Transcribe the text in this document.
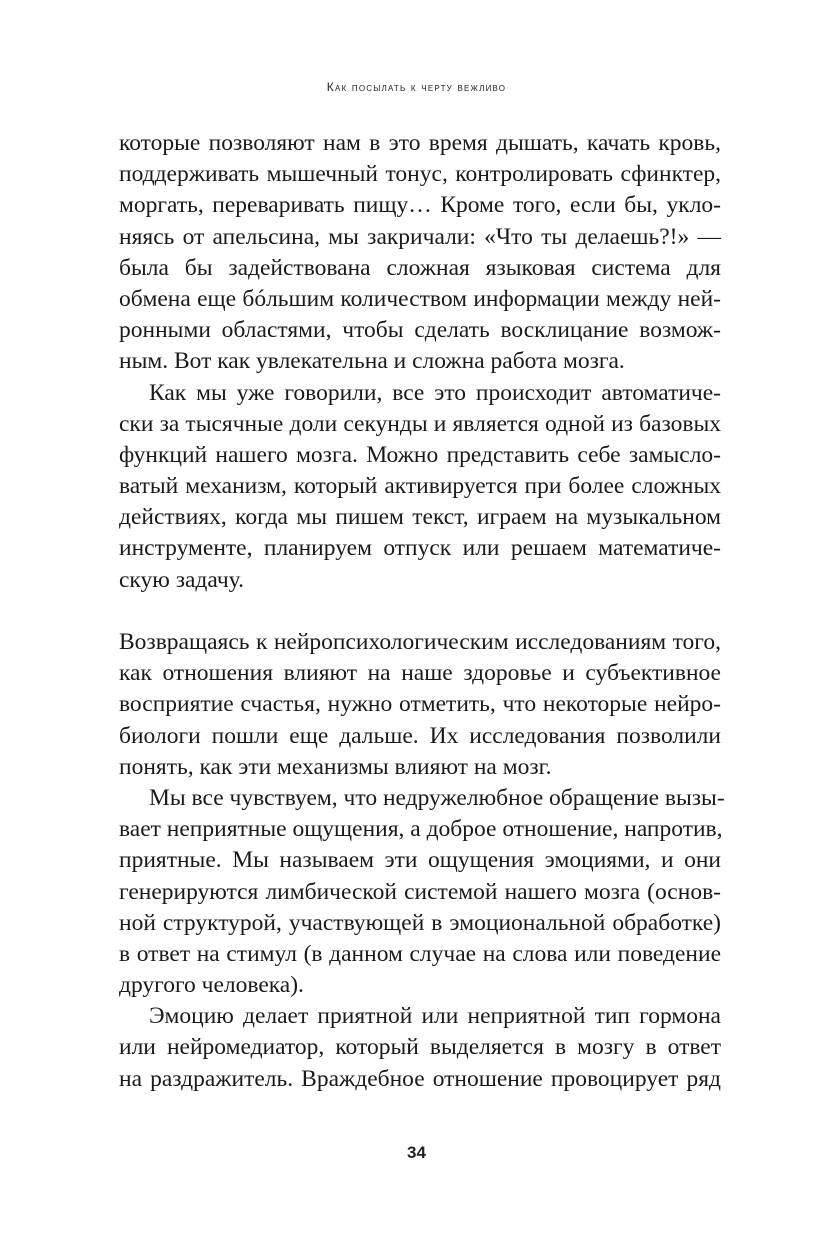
Как посылать к черту вежливо

которые позволяют нам в это время дышать, качать кровь,
поддерживать мышечный тонус, контролировать сфинктер,
моргать, переваривать пищу… Кроме того, если бы, укло-
няясь от апельсина, мы закричали: «Что ты делаешь?!» —
была бы задействована сложная языковая система для
обмена еще бóльшим количеством информации между ней-
ронными областями, чтобы сделать восклицание возмож-
ным. Вот как увлекательна и сложна работа мозга.

Как мы уже говорили, все это происходит автоматиче-
ски за тысячные доли секунды и является одной из базовых
функций нашего мозга. Можно представить себе замысло-
ватый механизм, который активируется при более сложных
действиях, когда мы пишем текст, играем на музыкальном
инструменте, планируем отпуск или решаем математиче-
скую задачу.

Возвращаясь к нейропсихологическим исследованиям того,
как отношения влияют на наше здоровье и субъективное
восприятие счастья, нужно отметить, что некоторые нейро-
биологи пошли еще дальше. Их исследования позволили
понять, как эти механизмы влияют на мозг.

Мы все чувствуем, что недружелюбное обращение вызы-
вает неприятные ощущения, а доброе отношение, напротив,
приятные. Мы называем эти ощущения эмоциями, и они
генерируются лимбической системой нашего мозга (основ-
ной структурой, участвующей в эмоциональной обработке)
в ответ на стимул (в данном случае на слова или поведение
другого человека).

Эмоцию делает приятной или неприятной тип гормона
или нейромедиатор, который выделяется в мозгу в ответ
на раздражитель. Враждебное отношение провоцирует ряд

34
